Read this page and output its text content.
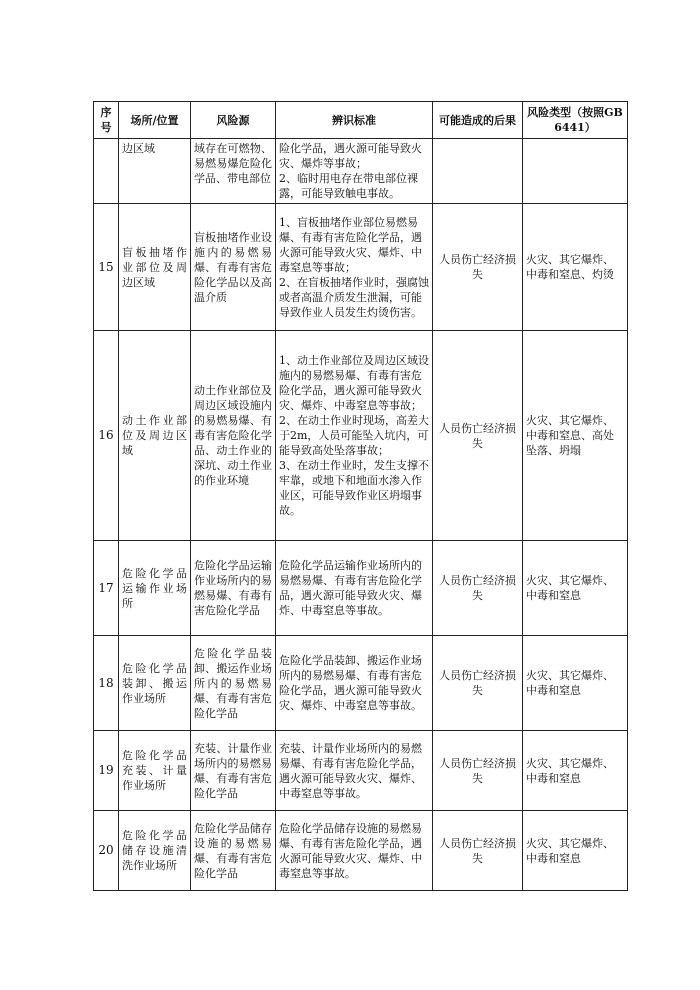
序号	场所/位置	风险源	辨识标准	可能造成的后果	风险类型（按照GB6441）
	边区域	域存在可燃物、易燃易爆危险化学品、带电部位	险化学品，遇火源可能导致火灾、爆炸等事故；
2、临时用电存在带电部位裸露，可能导致触电事故。		

15	盲板抽堵作业部位及周边区域	盲板抽堵作业设施内的易燃易爆、有毒有害危险化学品以及高温介质	1、盲板抽堵作业部位易燃易爆、有毒有害危险化学品，遇火源可能导致火灾、爆炸、中毒窒息等事故；
2、在盲板抽堵作业时，强腐蚀或者高温介质发生泄漏，可能导致作业人员发生灼烫伤害。	人员伤亡经济损失	火灾、其它爆炸、中毒和窒息、灼烫
16	动土作业部位及周边区域	动土作业部位及周边区域设施内的易燃易爆、有毒有害危险化学品、动土作业的深坑、动土作业的作业环境	1、动土作业部位及周边区域设施内的易燃易爆、有毒有害危险化学品，遇火源可能导致火灾、爆炸、中毒窒息等事故；
2、在动土作业时现场，高差大于2m，人员可能坠入坑内，可能导致高处坠落事故；
3、在动土作业时，发生支撑不牢靠，或地下和地面水渗入作业区，可能导致作业区坍塌事故。	人员伤亡经济损失	火灾、其它爆炸、中毒和窒息、高处坠落、坍塌
17	危险化学品运输作业场所	危险化学品运输作业场所内的易燃易爆、有毒有害危险化学品	危险化学品运输作业场所内的易燃易爆、有毒有害危险化学品，遇火源可能导致火灾、爆炸、中毒窒息等事故。	人员伤亡经济损失	火灾、其它爆炸、中毒和窒息
18	危险化学品装卸、搬运作业场所	危险化学品装卸、搬运作业场所内的易燃易爆、有毒有害危险化学品	危险化学品装卸、搬运作业场所内的易燃易爆、有毒有害危险化学品，遇火源可能导致火灾、爆炸、中毒窒息等事故。	人员伤亡经济损失	火灾、其它爆炸、中毒和窒息
19	危险化学品充装、计量作业场所	充装、计量作业场所内的易燃易爆、有毒有害危险化学品	充装、计量作业场所内的易燃易爆、有毒有害危险化学品，遇火源可能导致火灾、爆炸、中毒窒息等事故。	人员伤亡经济损失	火灾、其它爆炸、中毒和窒息
20	危险化学品储存设施清洗作业场所	危险化学品储存设施的易燃易爆、有毒有害危险化学品	危险化学品储存设施的易燃易爆、有毒有害危险化学品，遇火源可能导致火灾、爆炸、中毒窒息等事故。	人员伤亡经济损失	火灾、其它爆炸、中毒和窒息
